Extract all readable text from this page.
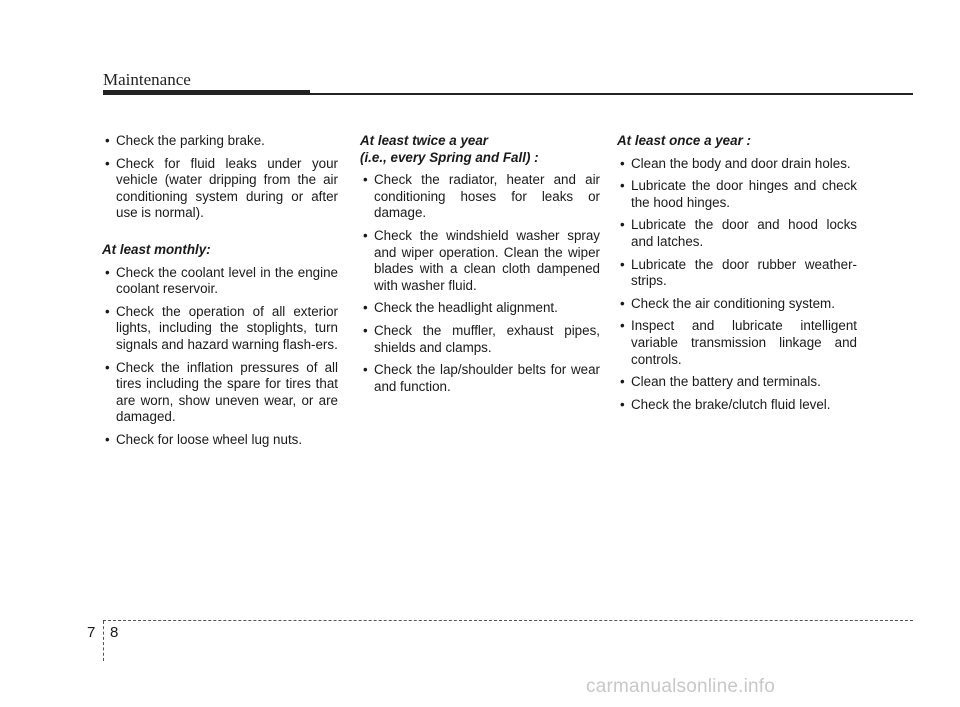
Maintenance
• Check the parking brake.
• Check for fluid leaks under your vehicle (water dripping from the air conditioning system during or after use is normal).
At least monthly:
• Check the coolant level in the engine coolant reservoir.
• Check the operation of all exterior lights, including the stoplights, turn signals and hazard warning flash-ers.
• Check the inflation pressures of all tires including the spare for tires that are worn, show uneven wear, or are damaged.
• Check for loose wheel lug nuts.
At least twice a year
(i.e., every Spring and Fall) :
• Check the radiator, heater and air conditioning hoses for leaks or damage.
• Check the windshield washer spray and wiper operation. Clean the wiper blades with a clean cloth dampened with washer fluid.
• Check the headlight alignment.
• Check the muffler, exhaust pipes, shields and clamps.
• Check the lap/shoulder belts for wear and function.
At least once a year :
• Clean the body and door drain holes.
• Lubricate the door hinges and check the hood hinges.
• Lubricate the door and hood locks and latches.
• Lubricate the door rubber weather-strips.
• Check the air conditioning system.
• Inspect and lubricate intelligent variable transmission linkage and controls.
• Clean the battery and terminals.
• Check the brake/clutch fluid level.
7 8
carmanualsonline.info
